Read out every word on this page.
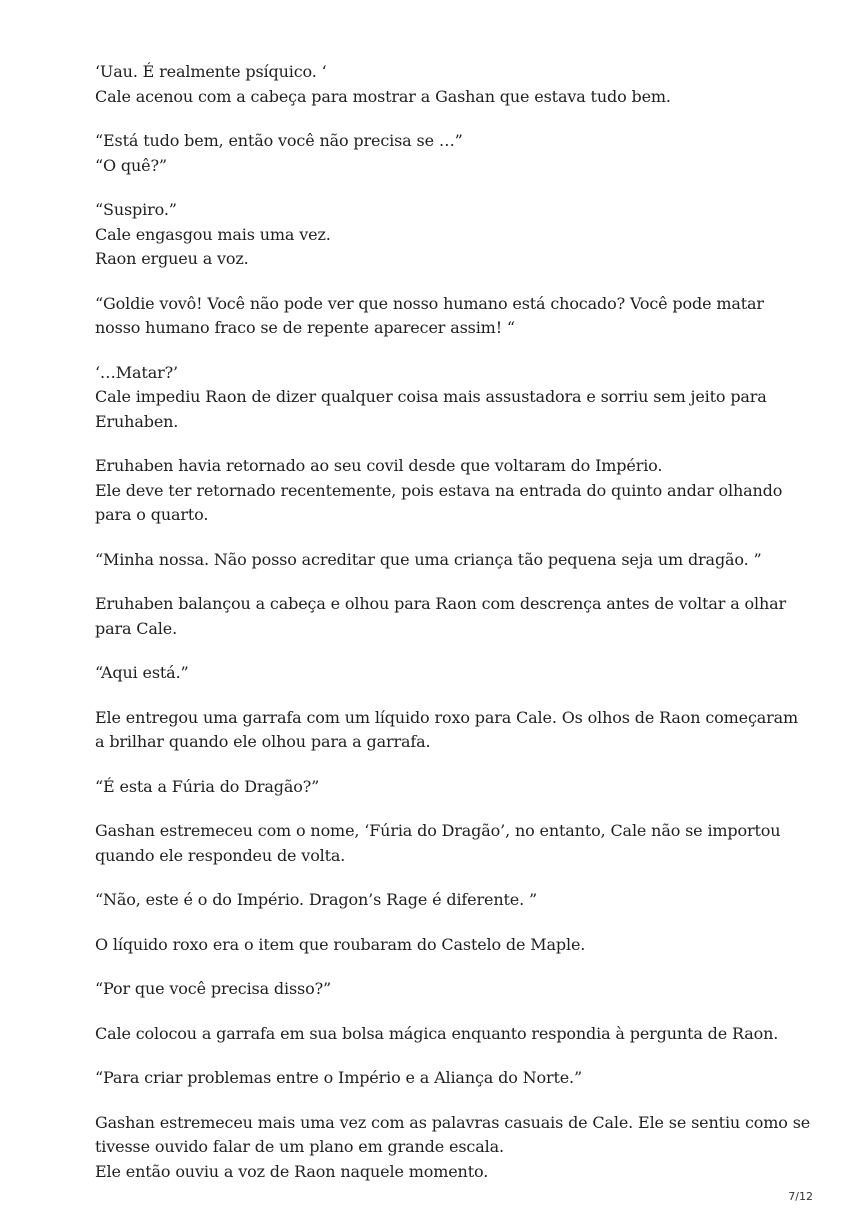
‘Uau. É realmente psíquico. ‘
Cale acenou com a cabeça para mostrar a Gashan que estava tudo bem.

“Está tudo bem, então você não precisa se …”
“O quê?”

“Suspiro.”
Cale engasgou mais uma vez.
Raon ergueu a voz.

“Goldie vovô! Você não pode ver que nosso humano está chocado? Você pode matar
nosso humano fraco se de repente aparecer assim! “

‘…Matar?’
Cale impediu Raon de dizer qualquer coisa mais assustadora e sorriu sem jeito para
Eruhaben.

Eruhaben havia retornado ao seu covil desde que voltaram do Império.
Ele deve ter retornado recentemente, pois estava na entrada do quinto andar olhando
para o quarto.

“Minha nossa. Não posso acreditar que uma criança tão pequena seja um dragão. ”

Eruhaben balançou a cabeça e olhou para Raon com descrença antes de voltar a olhar
para Cale.

“Aqui está.”

Ele entregou uma garrafa com um líquido roxo para Cale. Os olhos de Raon começaram
a brilhar quando ele olhou para a garrafa.

“É esta a Fúria do Dragão?”

Gashan estremeceu com o nome, ‘Fúria do Dragão’, no entanto, Cale não se importou
quando ele respondeu de volta.

“Não, este é o do Império. Dragon’s Rage é diferente. ”

O líquido roxo era o item que roubaram do Castelo de Maple.

“Por que você precisa disso?”

Cale colocou a garrafa em sua bolsa mágica enquanto respondia à pergunta de Raon.

“Para criar problemas entre o Império e a Aliança do Norte.”

Gashan estremeceu mais uma vez com as palavras casuais de Cale. Ele se sentiu como se
tivesse ouvido falar de um plano em grande escala.
Ele então ouviu a voz de Raon naquele momento.

7/12
